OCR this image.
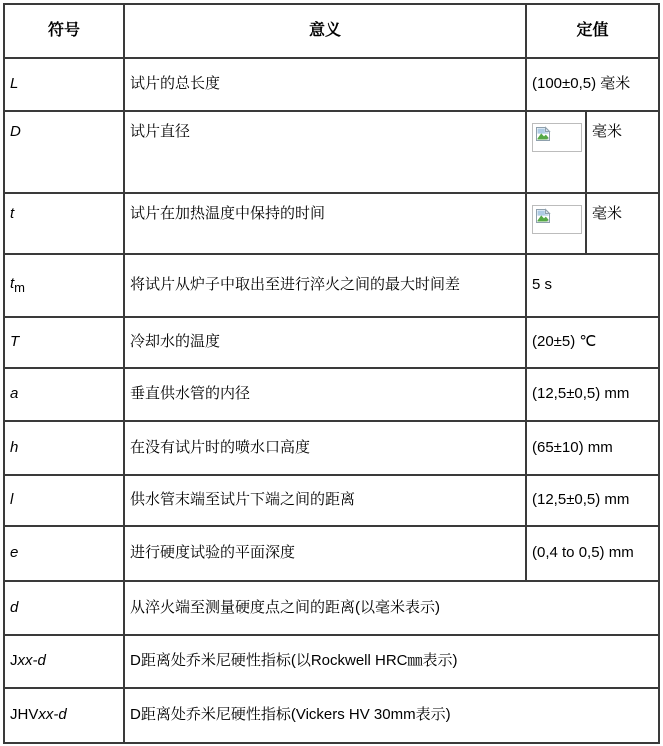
符号	意义	定值	
L	试片的总长度	(100±0,5) 毫米	
D	试片直径		毫米
t	试片在加热温度中保持的时间		毫米
tm	将试片从炉子中取出至进行淬火之间的最大时间差	5 s	
T	冷却水的温度	(20±5) ℃	
a	垂直供水管的内径	(12,5±0,5) mm	
h	在没有试片时的喷水口高度	(65±10) mm	
l	供水管末端至试片下端之间的距离	(12,5±0,5) mm	
e	进行硬度试验的平面深度	(0,4 to 0,5) mm	
d	从淬火端至测量硬度点之间的距离(以毫米表示)		
Jxx-d	D距离处乔米尼硬性指标(以Rockwell HRC㎜表示)		
JHVxx-d	D距离处乔米尼硬性指标(Vickers HV 30mm表示)		
